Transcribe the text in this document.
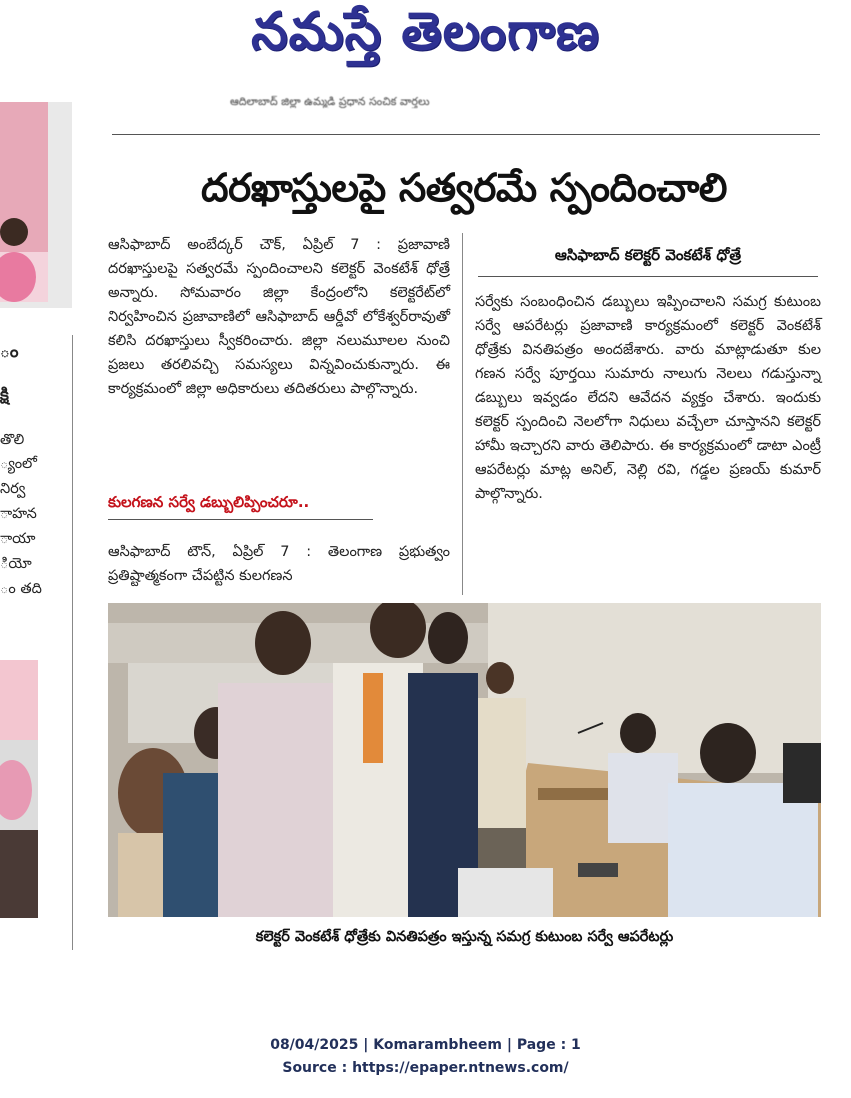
నమస్తే తెలంగాణ
ఆదిలాబాద్ జిల్లా ఉమ్మడి ప్రధాన సంచిక వార్తలు
ం
క్షి
తొలి
్యంలో
నిర్వ
ాహన
ాయా
ియో
ం తది
దరఖాస్తులపై సత్వరమే స్పందించాలి
ఆసిఫాబాద్ అంబేద్కర్ చౌక్, ఏప్రిల్ 7 : ప్రజావాణి దరఖాస్తులపై సత్వరమే స్పందించాలని కలెక్టర్ వెంకటేశ్ ధోత్రే అన్నారు. సోమవారం జిల్లా కేంద్రంలోని కలెక్టరేట్‌లో నిర్వహించిన ప్రజావాణిలో ఆసిఫాబాద్ ఆర్డీవో లోకేశ్వర్‌రావుతో కలిసి దరఖాస్తులు స్వీకరించారు. జిల్లా నలుమూలల నుంచి ప్రజలు తరలివచ్చి సమస్యలు విన్నవించుకున్నారు. ఈ కార్యక్రమంలో జిల్లా అధికారులు తదితరులు పాల్గొన్నారు.
కులగణన సర్వే డబ్బులిప్పించరూ..
ఆసిఫాబాద్ టౌన్, ఏప్రిల్ 7 : తెలంగాణ ప్రభుత్వం ప్రతిష్టాత్మకంగా చేపట్టిన కులగణన
ఆసిఫాబాద్ కలెక్టర్ వెంకటేశ్ ధోత్రే
సర్వేకు సంబంధించిన డబ్బులు ఇప్పించాలని సమగ్ర కుటుంబ సర్వే ఆపరేటర్లు ప్రజావాణి కార్యక్రమంలో కలెక్టర్ వెంకటేశ్ ధోత్రేకు వినతిపత్రం అందజేశారు. వారు మాట్లాడుతూ కుల గణన సర్వే పూర్తయి సుమారు నాలుగు నెలలు గడుస్తున్నా డబ్బులు ఇవ్వడం లేదని ఆవేదన వ్యక్తం చేశారు. ఇందుకు కలెక్టర్ స్పందించి నెలలోగా నిధులు వచ్చేలా చూస్తానని కలెక్టర్ హామీ ఇచ్చారని వారు తెలిపారు. ఈ కార్యక్రమంలో డాటా ఎంట్రీ ఆపరేటర్లు మాట్ల అనిల్, నెల్లి రవి, గడ్డల ప్రణయ్ కుమార్ పాల్గొన్నారు.
కలెక్టర్ వెంకటేశ్ ధోత్రేకు వినతిపత్రం ఇస్తున్న సమగ్ర కుటుంబ సర్వే ఆపరేటర్లు
08/04/2025 | Komarambheem | Page : 1
Source : https://epaper.ntnews.com/
